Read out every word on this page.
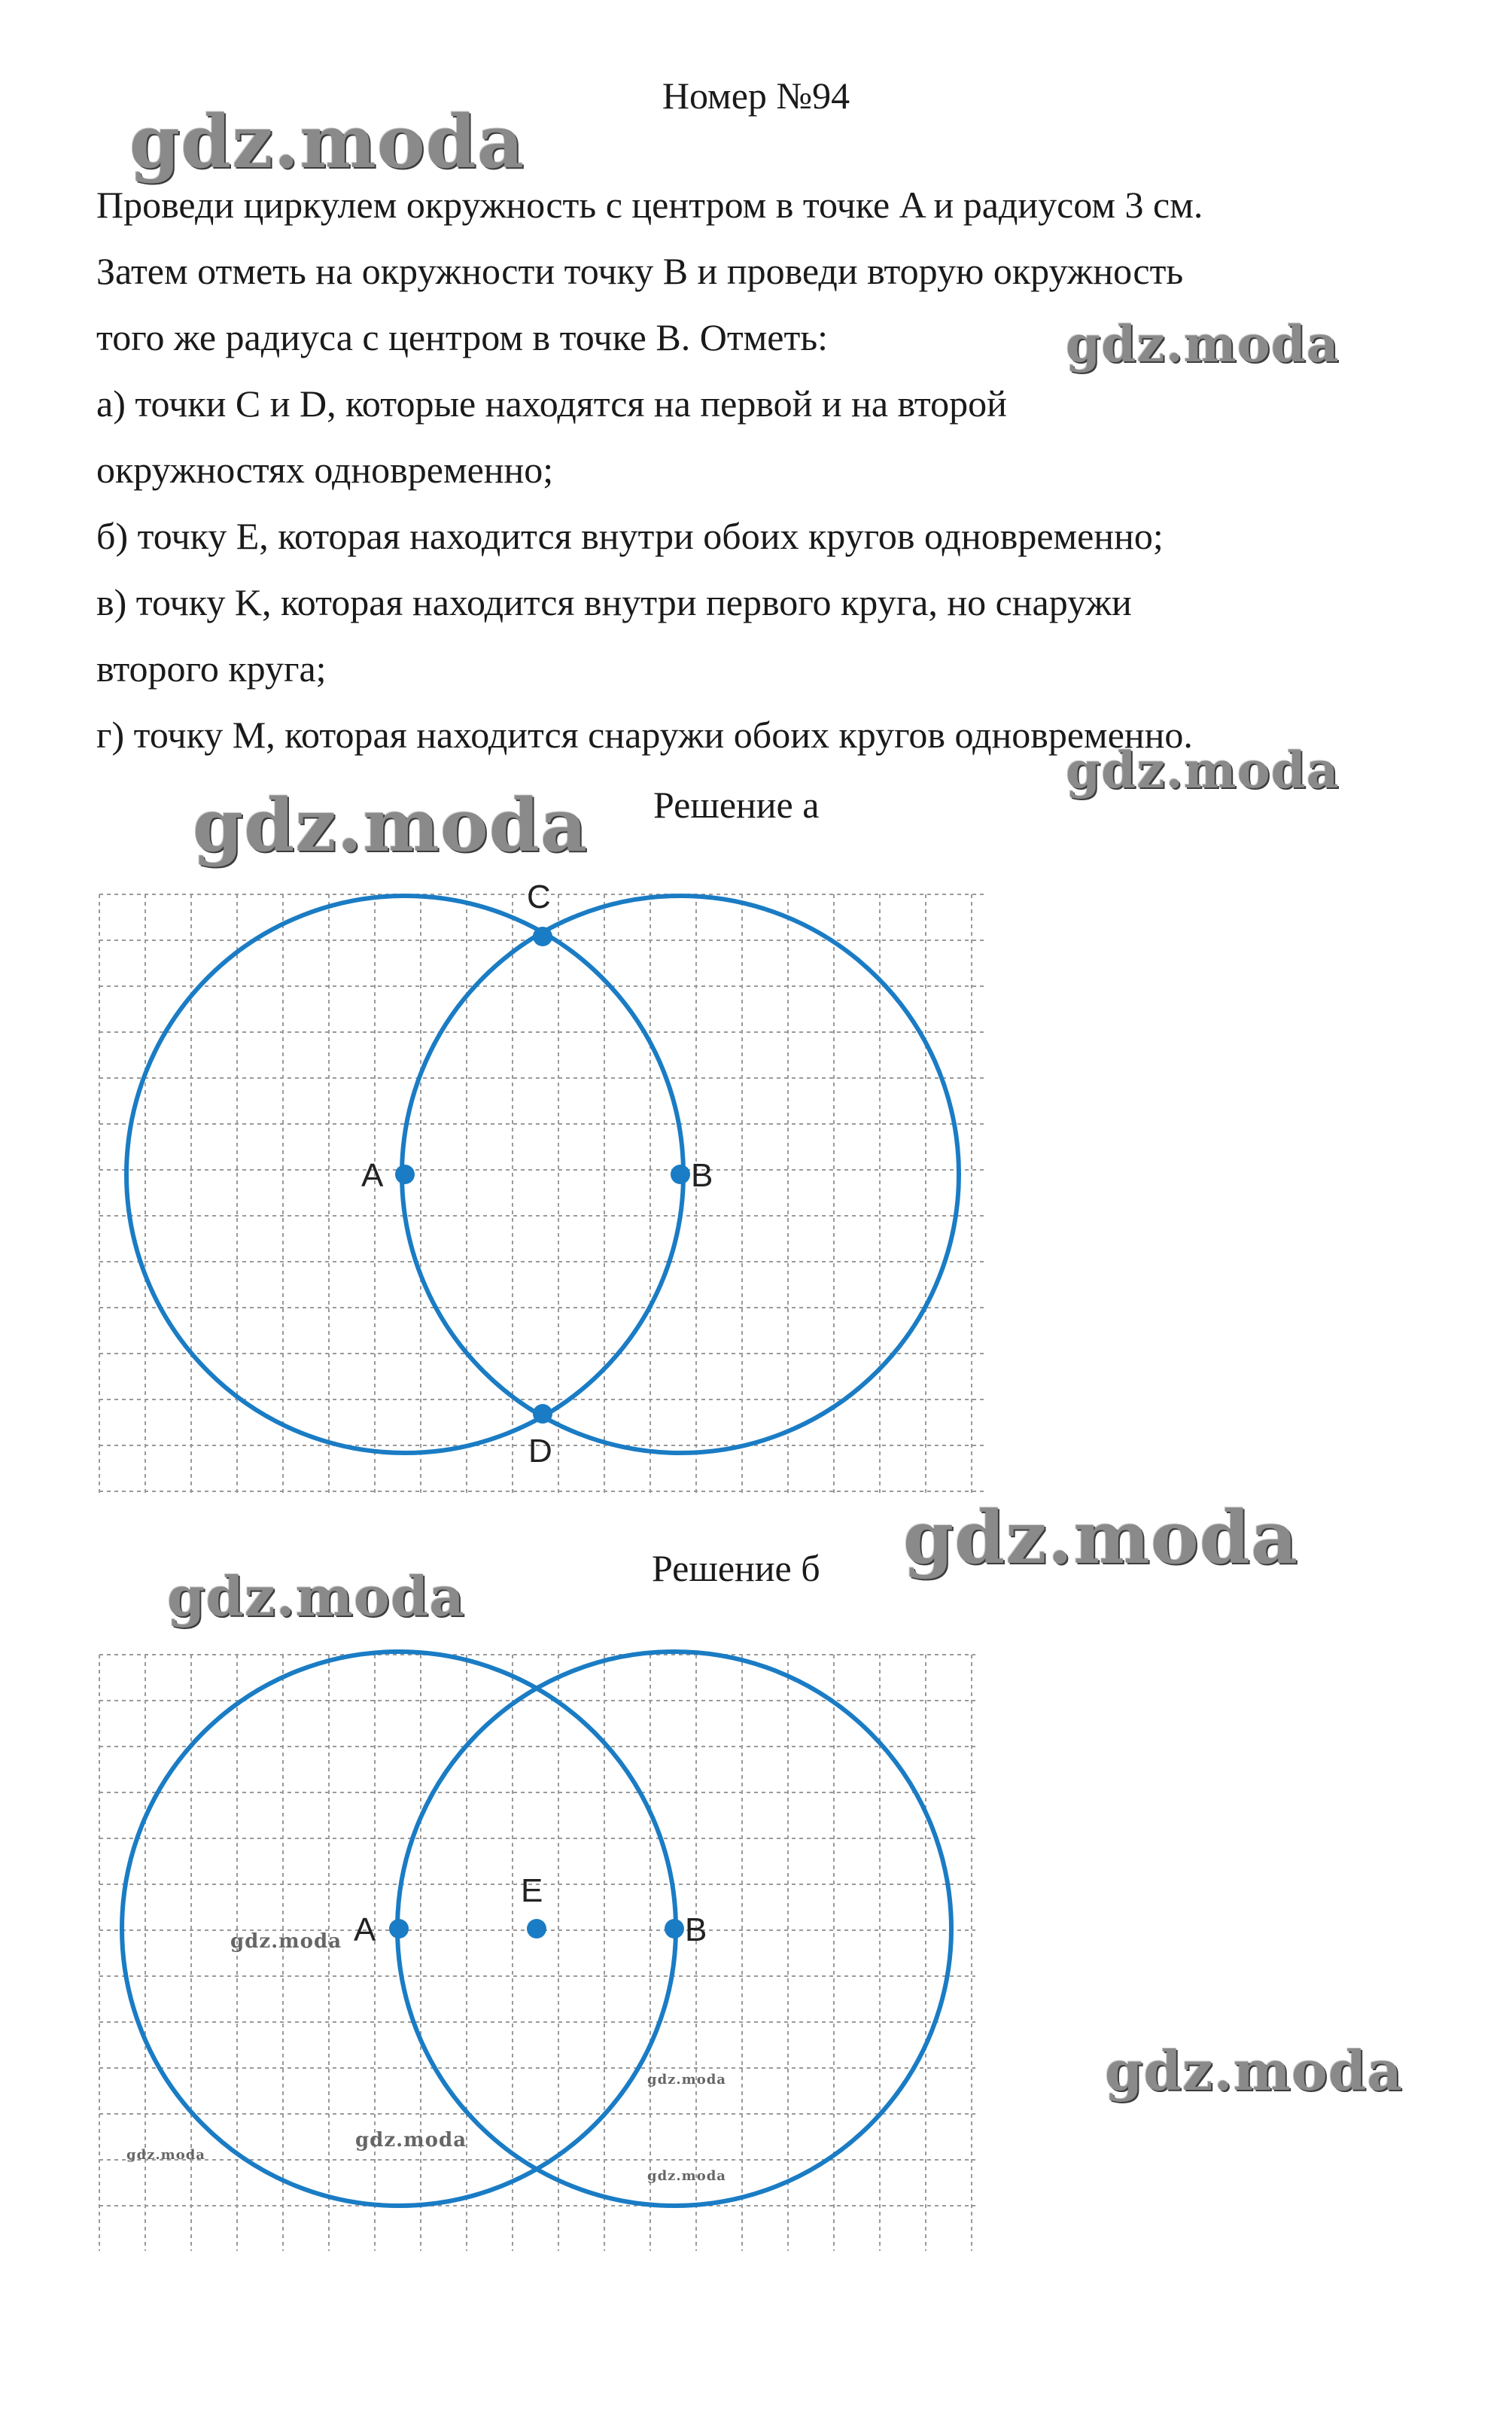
Номер №94

Проведи циркулем окружность с центром в точке A и радиусом 3 см.

Затем отметь на окружности точку B и проведи вторую окружность

того же радиуса с центром в точке B. Отметь:

а) точки C и D, которые находятся на первой и на второй

окружностях одновременно;

б) точку E, которая находится внутри обоих кругов одновременно;

в) точку K, которая находится внутри первого круга, но снаружи

второго круга;

г) точку M, которая находится снаружи обоих кругов одновременно.

Решение а
Решение б
A	B
C
D
A	B
E
gdz.moda
gdz.moda
gdz.moda
gdz.moda
gdz.moda
gdz.moda
gdz.moda
gdz.moda
gdz.moda
gdz.moda
gdz.moda
gdz.moda
